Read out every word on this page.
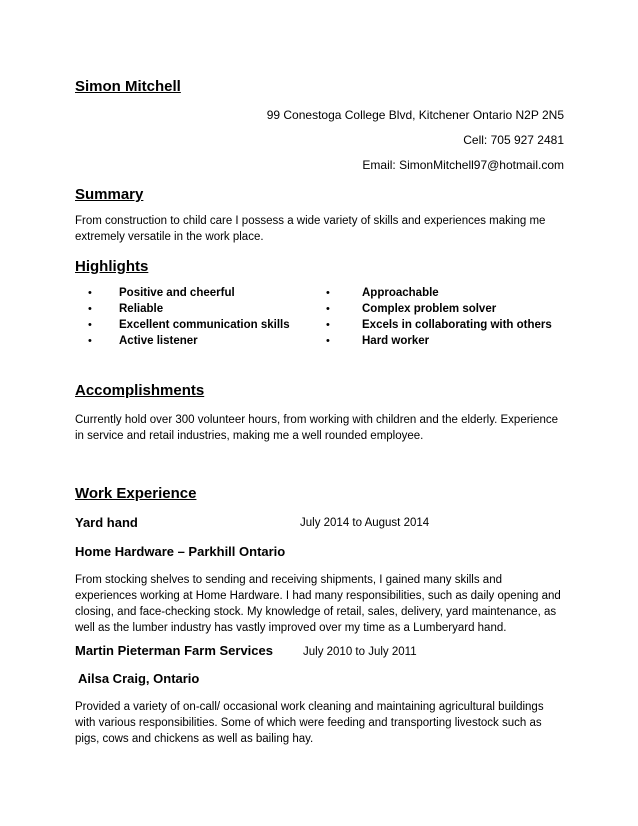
Simon Mitchell
99 Conestoga College Blvd, Kitchener Ontario N2P 2N5
Cell: 705 927 2481
Email: SimonMitchell97@hotmail.com
Summary
From construction to child care I possess a wide variety of skills and experiences making me extremely versatile in the work place.
Highlights
• Positive and cheerful
• Reliable
• Excellent communication skills
• Active listener
•	Approachable
•	Complex problem solver
•	Excels in collaborating with others
•	Hard worker
Accomplishments
Currently hold over 300 volunteer hours, from working with children and the elderly. Experience in service and retail industries, making me a well rounded employee.
Work Experience
Yard hand	July 2014 to August 2014
Home Hardware – Parkhill Ontario
From stocking shelves to sending and receiving shipments, I gained many skills and experiences working at Home Hardware. I had many responsibilities, such as daily opening and closing, and face-checking stock. My knowledge of retail, sales, delivery, yard maintenance, as well as the lumber industry has vastly improved over my time as a Lumberyard hand.
Martin Pieterman Farm Services	July 2010 to July 2011
Ailsa Craig, Ontario
Provided a variety of on-call/ occasional work cleaning and maintaining agricultural buildings with various responsibilities. Some of which were feeding and transporting livestock such as pigs, cows and chickens as well as bailing hay.
